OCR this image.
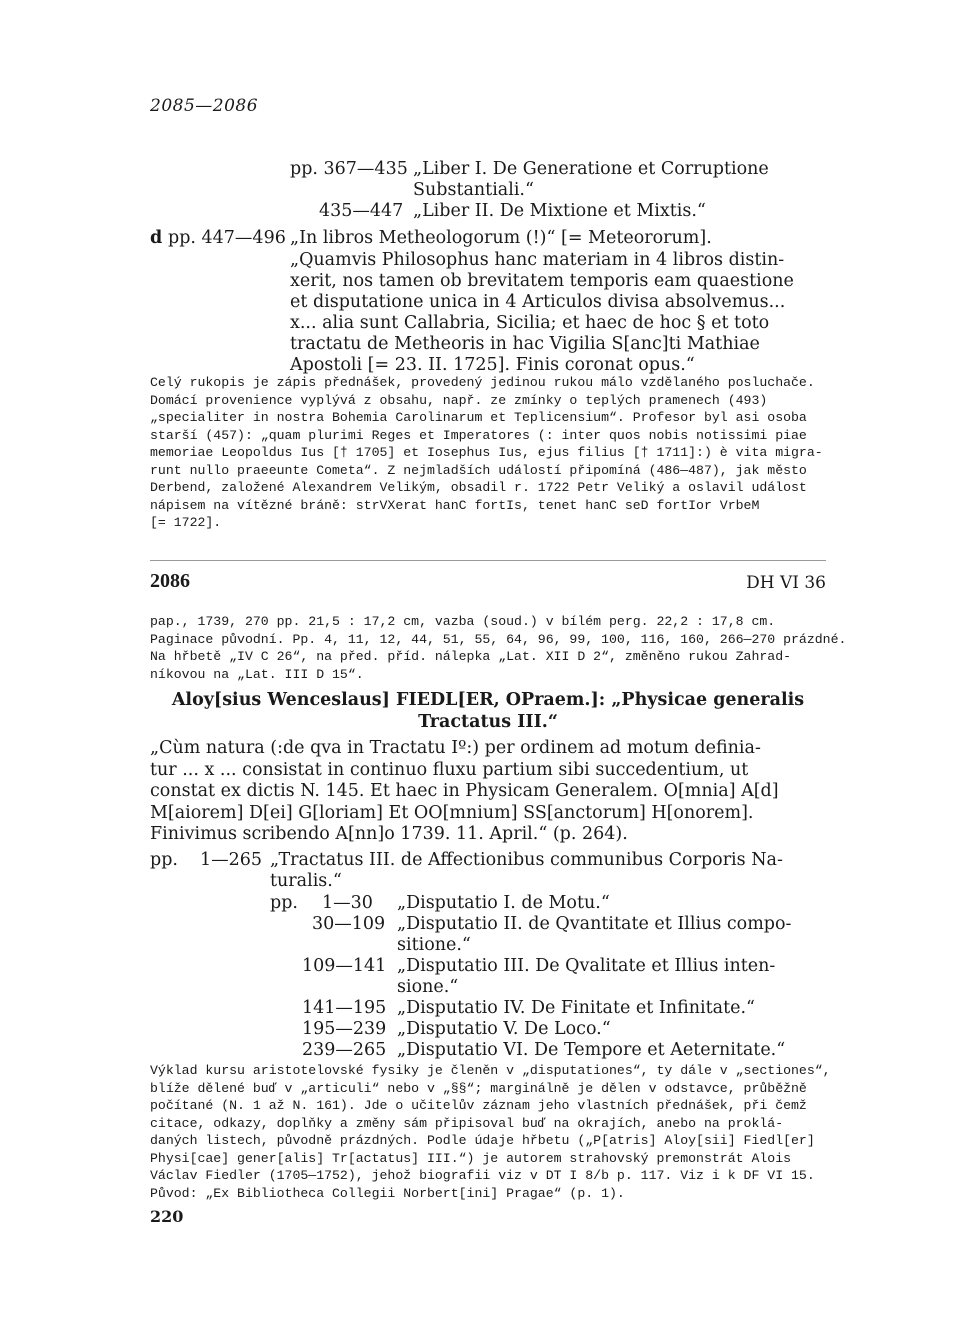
2085—2086
pp. 367—435 „Liber I. De Generatione et Corruptione
Substantiali.“
435—447 „Liber II. De Mixtione et Mixtis.“
d pp. 447—496 „In libros Metheologorum (!)“ [= Meteororum].
„Quamvis Philosophus hanc materiam in 4 libros distin-
xerit, nos tamen ob brevitatem temporis eam quaestione
et disputatione unica in 4 Articulos divisa absolvemus...
x... alia sunt Callabria, Sicilia; et haec de hoc § et toto
tractatu de Metheoris in hac Vigilia S[anc]ti Mathiae
Apostoli [= 23. II. 1725]. Finis coronat opus.“
Celý rukopis je zápis přednášek, provedený jedinou rukou málo vzdělaného posluchače.
Domácí provenience vyplývá z obsahu, např. ze zmínky o teplých pramenech (493)
„specialiter in nostra Bohemia Carolinarum et Teplicensium“. Profesor byl asi osoba
starší (457): „quam plurimi Reges et Imperatores (: inter quos nobis notissimi piae
memoriae Leopoldus Ius [† 1705] et Iosephus Ius, ejus filius [† 1711]:) è vita migra-
runt nullo praeeunte Cometa“. Z nejmladších událostí připomíná (486—487), jak město
Derbend, založené Alexandrem Velikým, obsadil r. 1722 Petr Veliký a oslavil událost
nápisem na vítězné bráně: strVXerat hanC fortIs, tenet hanC seD fortIor VrbeM
[= 1722].
2086	DH VI 36
pap., 1739, 270 pp. 21,5 : 17,2 cm, vazba (soud.) v bílém perg. 22,2 : 17,8 cm.
Paginace původní. Pp. 4, 11, 12, 44, 51, 55, 64, 96, 99, 100, 116, 160, 266—270 prázdné.
Na hřbetě „IV C 26“, na před. příd. nálepka „Lat. XII D 2“, změněno rukou Zahrad-
níkovou na „Lat. III D 15“.
Aloy[sius Wenceslaus] FIEDL[ER, OPraem.]: „Physicae generalis
Tractatus III.“
„Cùm natura (:de qva in Tractatu Iº:) per ordinem ad motum definia-
tur ... x ... consistat in continuo fluxu partium sibi succedentium, ut
constat ex dictis N. 145. Et haec in Physicam Generalem. O[mnia] A[d]
M[aiorem] D[ei] G[loriam] Et OO[mnium] SS[anctorum] H[onorem].
Finivimus scribendo A[nn]o 1739. 11. April.“ (p. 264).
pp. 1—265 „Tractatus III. de Affectionibus communibus Corporis Na-
turalis.“
pp. 1—30 „Disputatio I. de Motu.“
30—109 „Disputatio II. de Qvantitate et Illius compo-
sitione.“
109—141 „Disputatio III. De Qvalitate et Illius inten-
sione.“
141—195 „Disputatio IV. De Finitate et Infinitate.“
195—239 „Disputatio V. De Loco.“
239—265 „Disputatio VI. De Tempore et Aeternitate.“
Výklad kursu aristotelovské fysiky je členěn v „disputationes“, ty dále v „sectiones“,
blíže dělené buď v „articuli“ nebo v „§§“; marginálně je dělen v odstavce, průběžně
počítané (N. 1 až N. 161). Jde o učitelův záznam jeho vlastních přednášek, při čemž
citace, odkazy, doplňky a změny sám připisoval buď na okrajích, anebo na proklá-
daných listech, původně prázdných. Podle údaje hřbetu („P[atris] Aloy[sii] Fiedl[er]
Physi[cae] gener[alis] Tr[actatus] III.“) je autorem strahovský premonstrát Alois
Václav Fiedler (1705—1752), jehož biografii viz v DT I 8/b p. 117. Viz i k DF VI 15.
Původ: „Ex Bibliotheca Collegii Norbert[ini] Pragae“ (p. 1).
220
